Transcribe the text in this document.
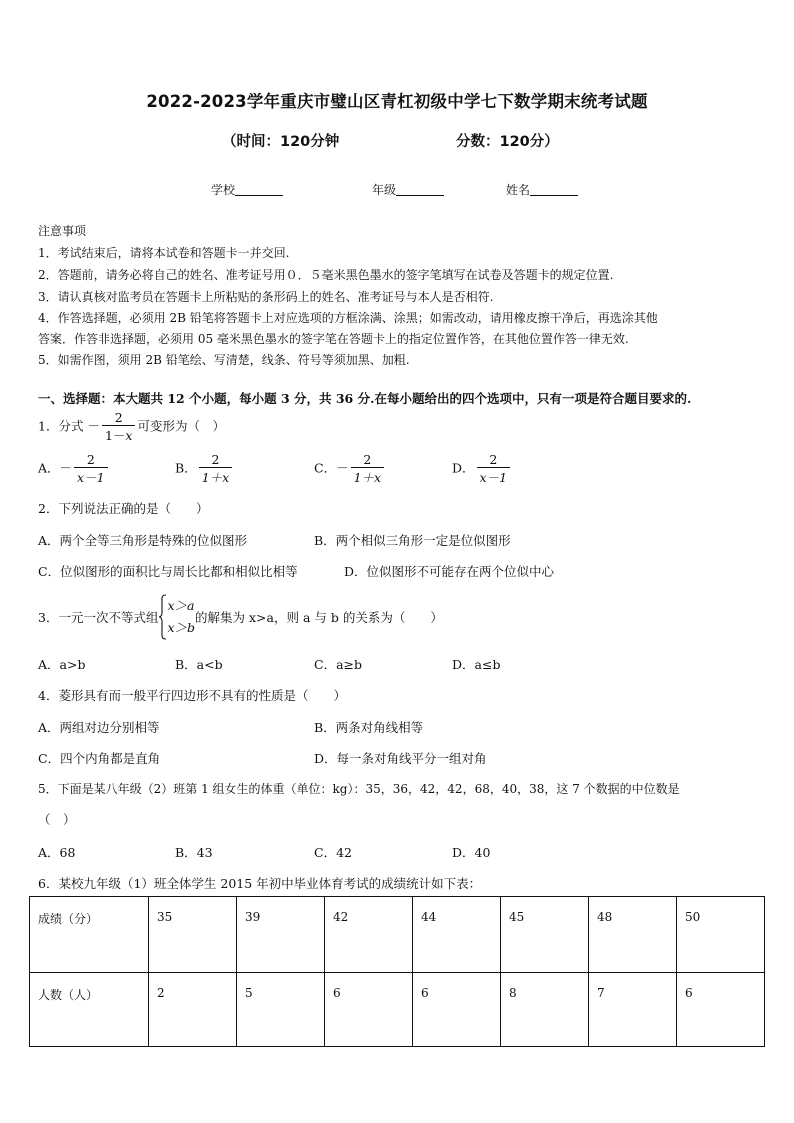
2022-2023学年重庆市璧山区青杠初级中学七下数学期末统考试题
（时间：120分钟	分数：120分）
学校	年级	姓名
注意事项
1．考试结束后，请将本试卷和答题卡一并交回.
2．答题前，请务必将自己的姓名、准考证号用０．５毫米黑色墨水的签字笔填写在试卷及答题卡的规定位置.
3．请认真核对监考员在答题卡上所粘贴的条形码上的姓名、准考证号与本人是否相符.
4．作答选择题，必须用 2B 铅笔将答题卡上对应选项的方框涂满、涂黑；如需改动，请用橡皮擦干净后，再选涂其他
答案．作答非选择题，必须用 05 毫米黑色墨水的签字笔在答题卡上的指定位置作答，在其他位置作答一律无效.
5．如需作图，须用 2B 铅笔绘、写清楚，线条、符号等须加黑、加粗.
一、选择题：本大题共 12 个小题，每小题 3 分，共 36 分.在每小题给出的四个选项中，只有一项是符合题目要求的.
1．分式 － $\frac{2}{1-x}$ 可变形为（　）
A．－ $\frac{2}{x-1}$	B． $\frac{2}{1+x}$	C．－ $\frac{2}{1+x}$	D． $\frac{2}{x-1}$
2．下列说法正确的是（　　）
A．两个全等三角形是特殊的位似图形	B．两个相似三角形一定是位似图形
C．位似图形的面积比与周长比都和相似比相等	D．位似图形不可能存在两个位似中心
3．一元一次不等式组
x＞a
x＞b
的解集为 x>a，则 a 与 b 的关系为（　　）
A．a>b	B．a<b	C．a≥b	D．a≤b
4．菱形具有而一般平行四边形不具有的性质是（　　）
A．两组对边分别相等	B．两条对角线相等
C．四个内角都是直角	D．每一条对角线平分一组对角
5．下面是某八年级（2）班第 1 组女生的体重（单位：kg）：35，36，42，42，68，40，38，这 7 个数据的中位数是
（　）
A．68	B．43	C．42	D．40
6．某校九年级（1）班全体学生 2015 年初中毕业体育考试的成绩统计如下表：
成绩（分）	35	39	42	44	45	48	50
人数（人）	2	5	6	6	8	7	6
